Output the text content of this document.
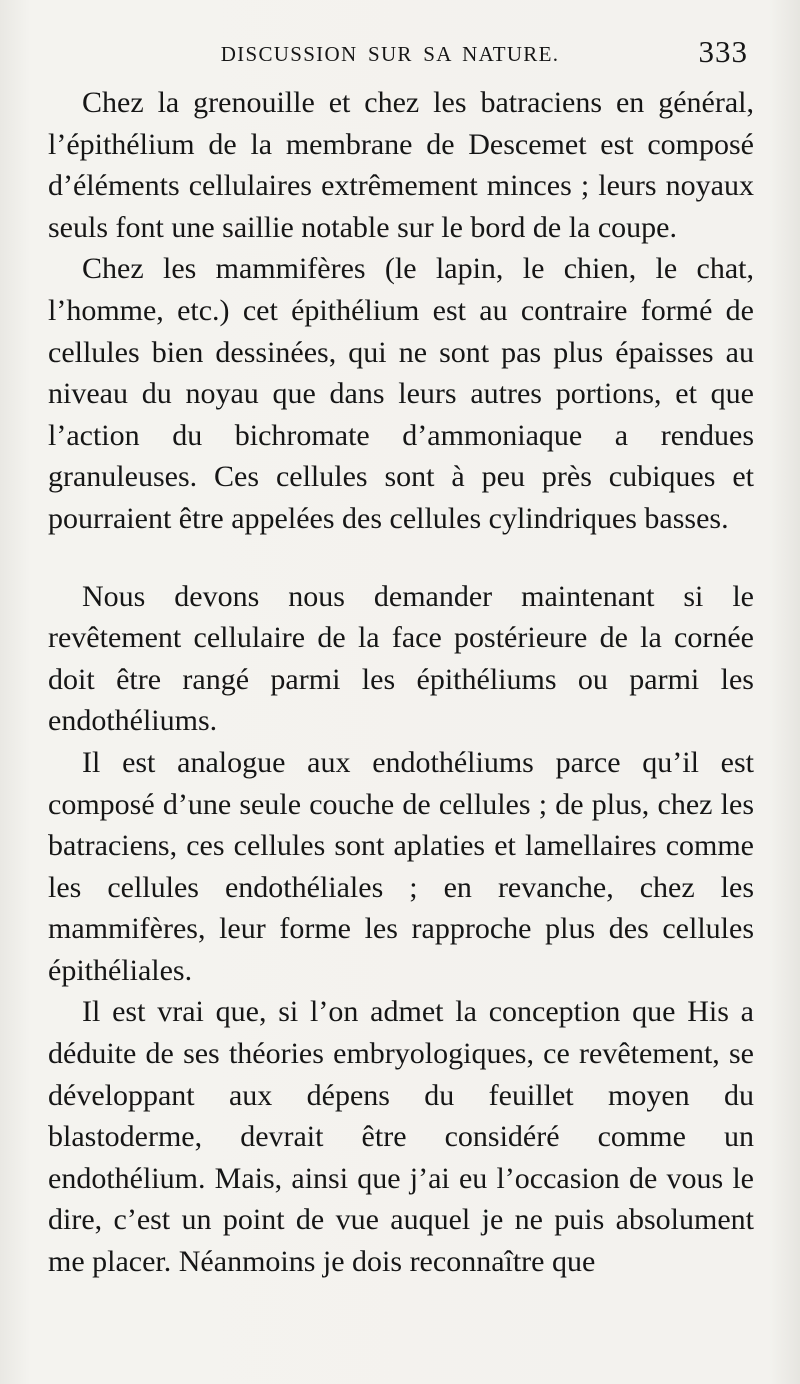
DISCUSSION SUR SA NATURE.	333

Chez la grenouille et chez les batraciens en général, l’épithélium de la membrane de Descemet est composé d’éléments cellulaires extrêmement minces ; leurs noyaux seuls font une saillie notable sur le bord de la coupe.

Chez les mammifères (le lapin, le chien, le chat, l’homme, etc.) cet épithélium est au contraire formé de cellules bien dessinées, qui ne sont pas plus épaisses au niveau du noyau que dans leurs autres portions, et que l’action du bichromate d’ammoniaque a rendues granuleuses. Ces cellules sont à peu près cubiques et pourraient être appelées des cellules cylindriques basses.

Nous devons nous demander maintenant si le revêtement cellulaire de la face postérieure de la cornée doit être rangé parmi les épithéliums ou parmi les endothéliums.

Il est analogue aux endothéliums parce qu’il est composé d’une seule couche de cellules ; de plus, chez les batraciens, ces cellules sont aplaties et lamellaires comme les cellules endothéliales ; en revanche, chez les mammifères, leur forme les rapproche plus des cellules épithéliales.

Il est vrai que, si l’on admet la conception que His a déduite de ses théories embryologiques, ce revêtement, se développant aux dépens du feuillet moyen du blastoderme, devrait être considéré comme un endothélium. Mais, ainsi que j’ai eu l’occasion de vous le dire, c’est un point de vue auquel je ne puis absolument me placer. Néanmoins je dois reconnaître que
